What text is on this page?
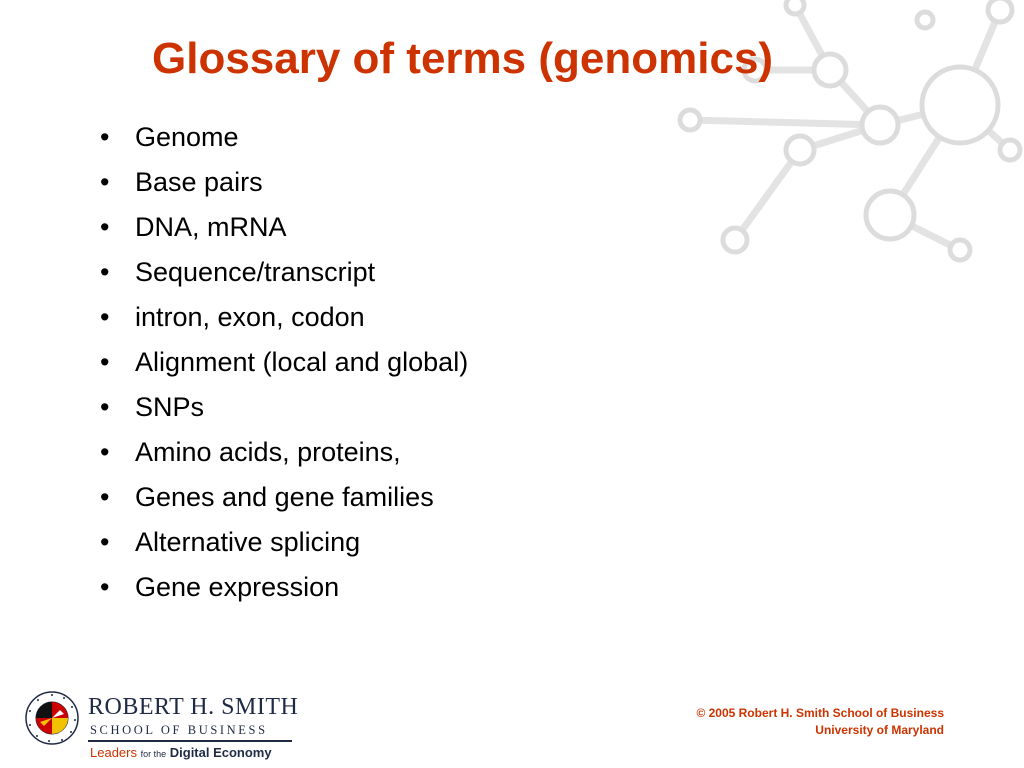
Glossary of terms (genomics)
• Genome
• Base pairs
• DNA, mRNA
• Sequence/transcript
• intron, exon, codon
• Alignment (local and global)
• SNPs
• Amino acids, proteins,
• Genes and gene families
• Alternative splicing
• Gene expression
ROBERT H. SMITH
SCHOOL OF BUSINESS
Leaders for the Digital Economy
© 2005 Robert H. Smith School of Business
University of Maryland
